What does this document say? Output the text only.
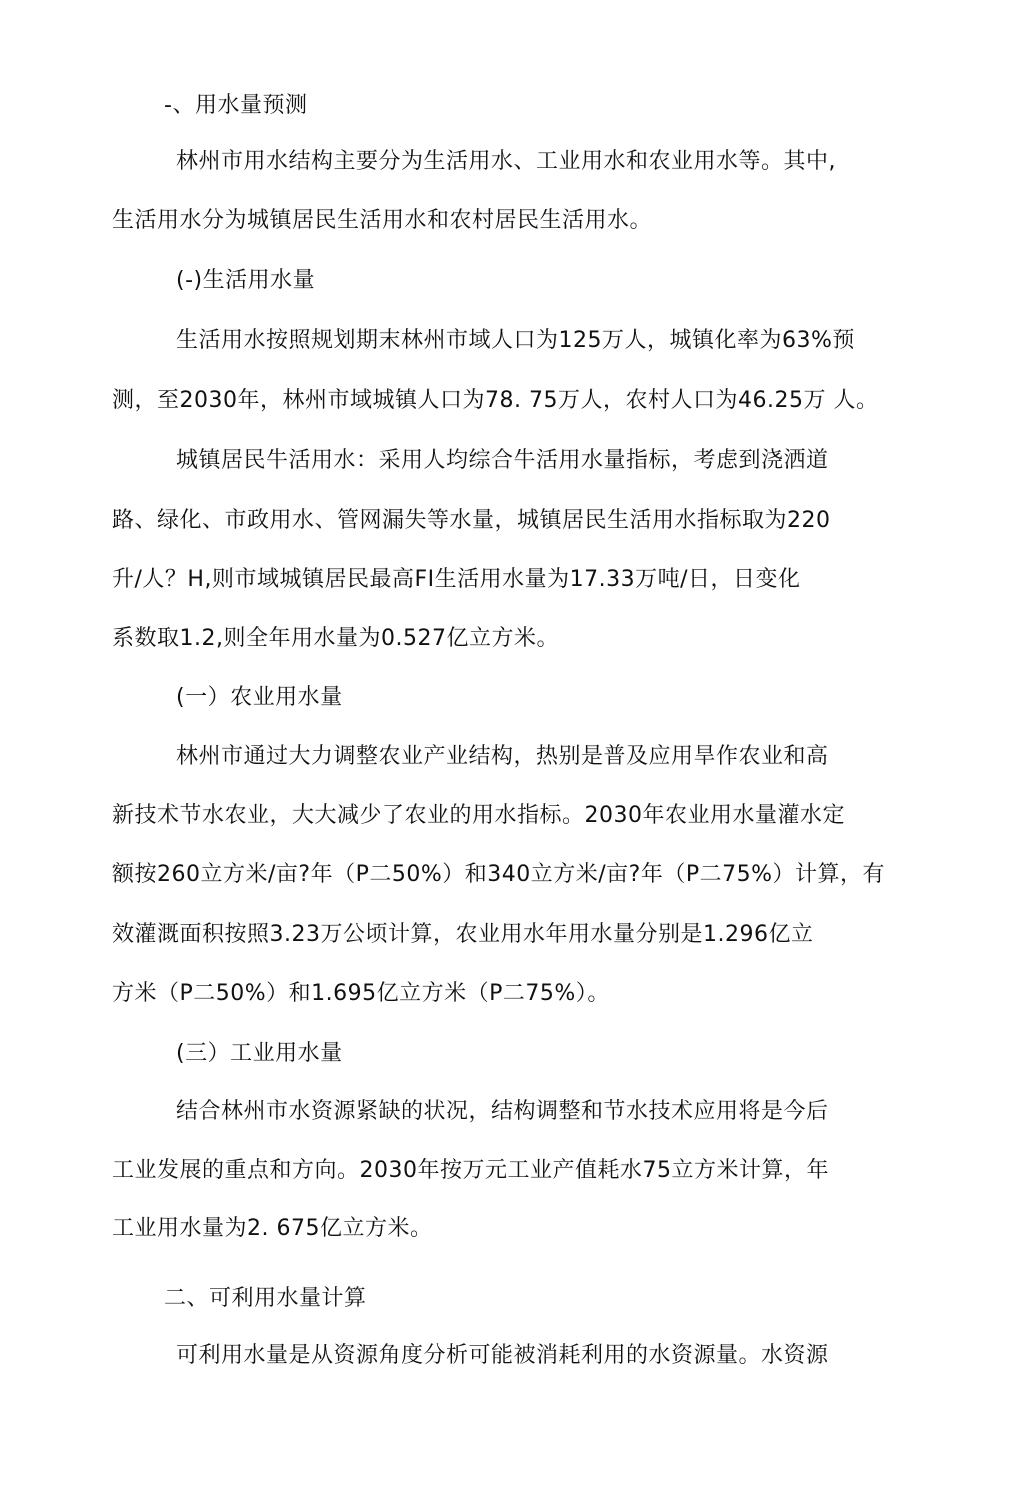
-、用水量预测
林州市用水结构主要分为生活用水、工业用水和农业用水等。其中,
生活用水分为城镇居民生活用水和农村居民生活用水。
(-)生活用水量
生活用水按照规划期末林州市域人口为125万人，城镇化率为63%预
测，至2030年，林州市域城镇人口为78. 75万人，农村人口为46.25万 人。
城镇居民牛活用水：采用人均综合牛活用水量指标，考虑到浇洒道
路、绿化、市政用水、管网漏失等水量，城镇居民生活用水指标取为220
升/人？H,则市域城镇居民最高FI生活用水量为17.33万吨/日，日变化
系数取1.2,则全年用水量为0.527亿立方米。
(一）农业用水量
林州市通过大力调整农业产业结构，热别是普及应用旱作农业和高
新技术节水农业，大大减少了农业的用水指标。2030年农业用水量灌水定
额按260立方米/亩?年（P二50%）和340立方米/亩?年（P二75%）计算，有
效灌溉面积按照3.23万公顷计算，农业用水年用水量分别是1.296亿立
方米（P二50%）和1.695亿立方米（P二75%）。
(三）工业用水量
结合林州市水资源紧缺的状况，结构调整和节水技术应用将是今后
工业发展的重点和方向。2030年按万元工业产值耗水75立方米计算，年
工业用水量为2. 675亿立方米。
二、可利用水量计算
可利用水量是从资源角度分析可能被消耗利用的水资源量。水资源
